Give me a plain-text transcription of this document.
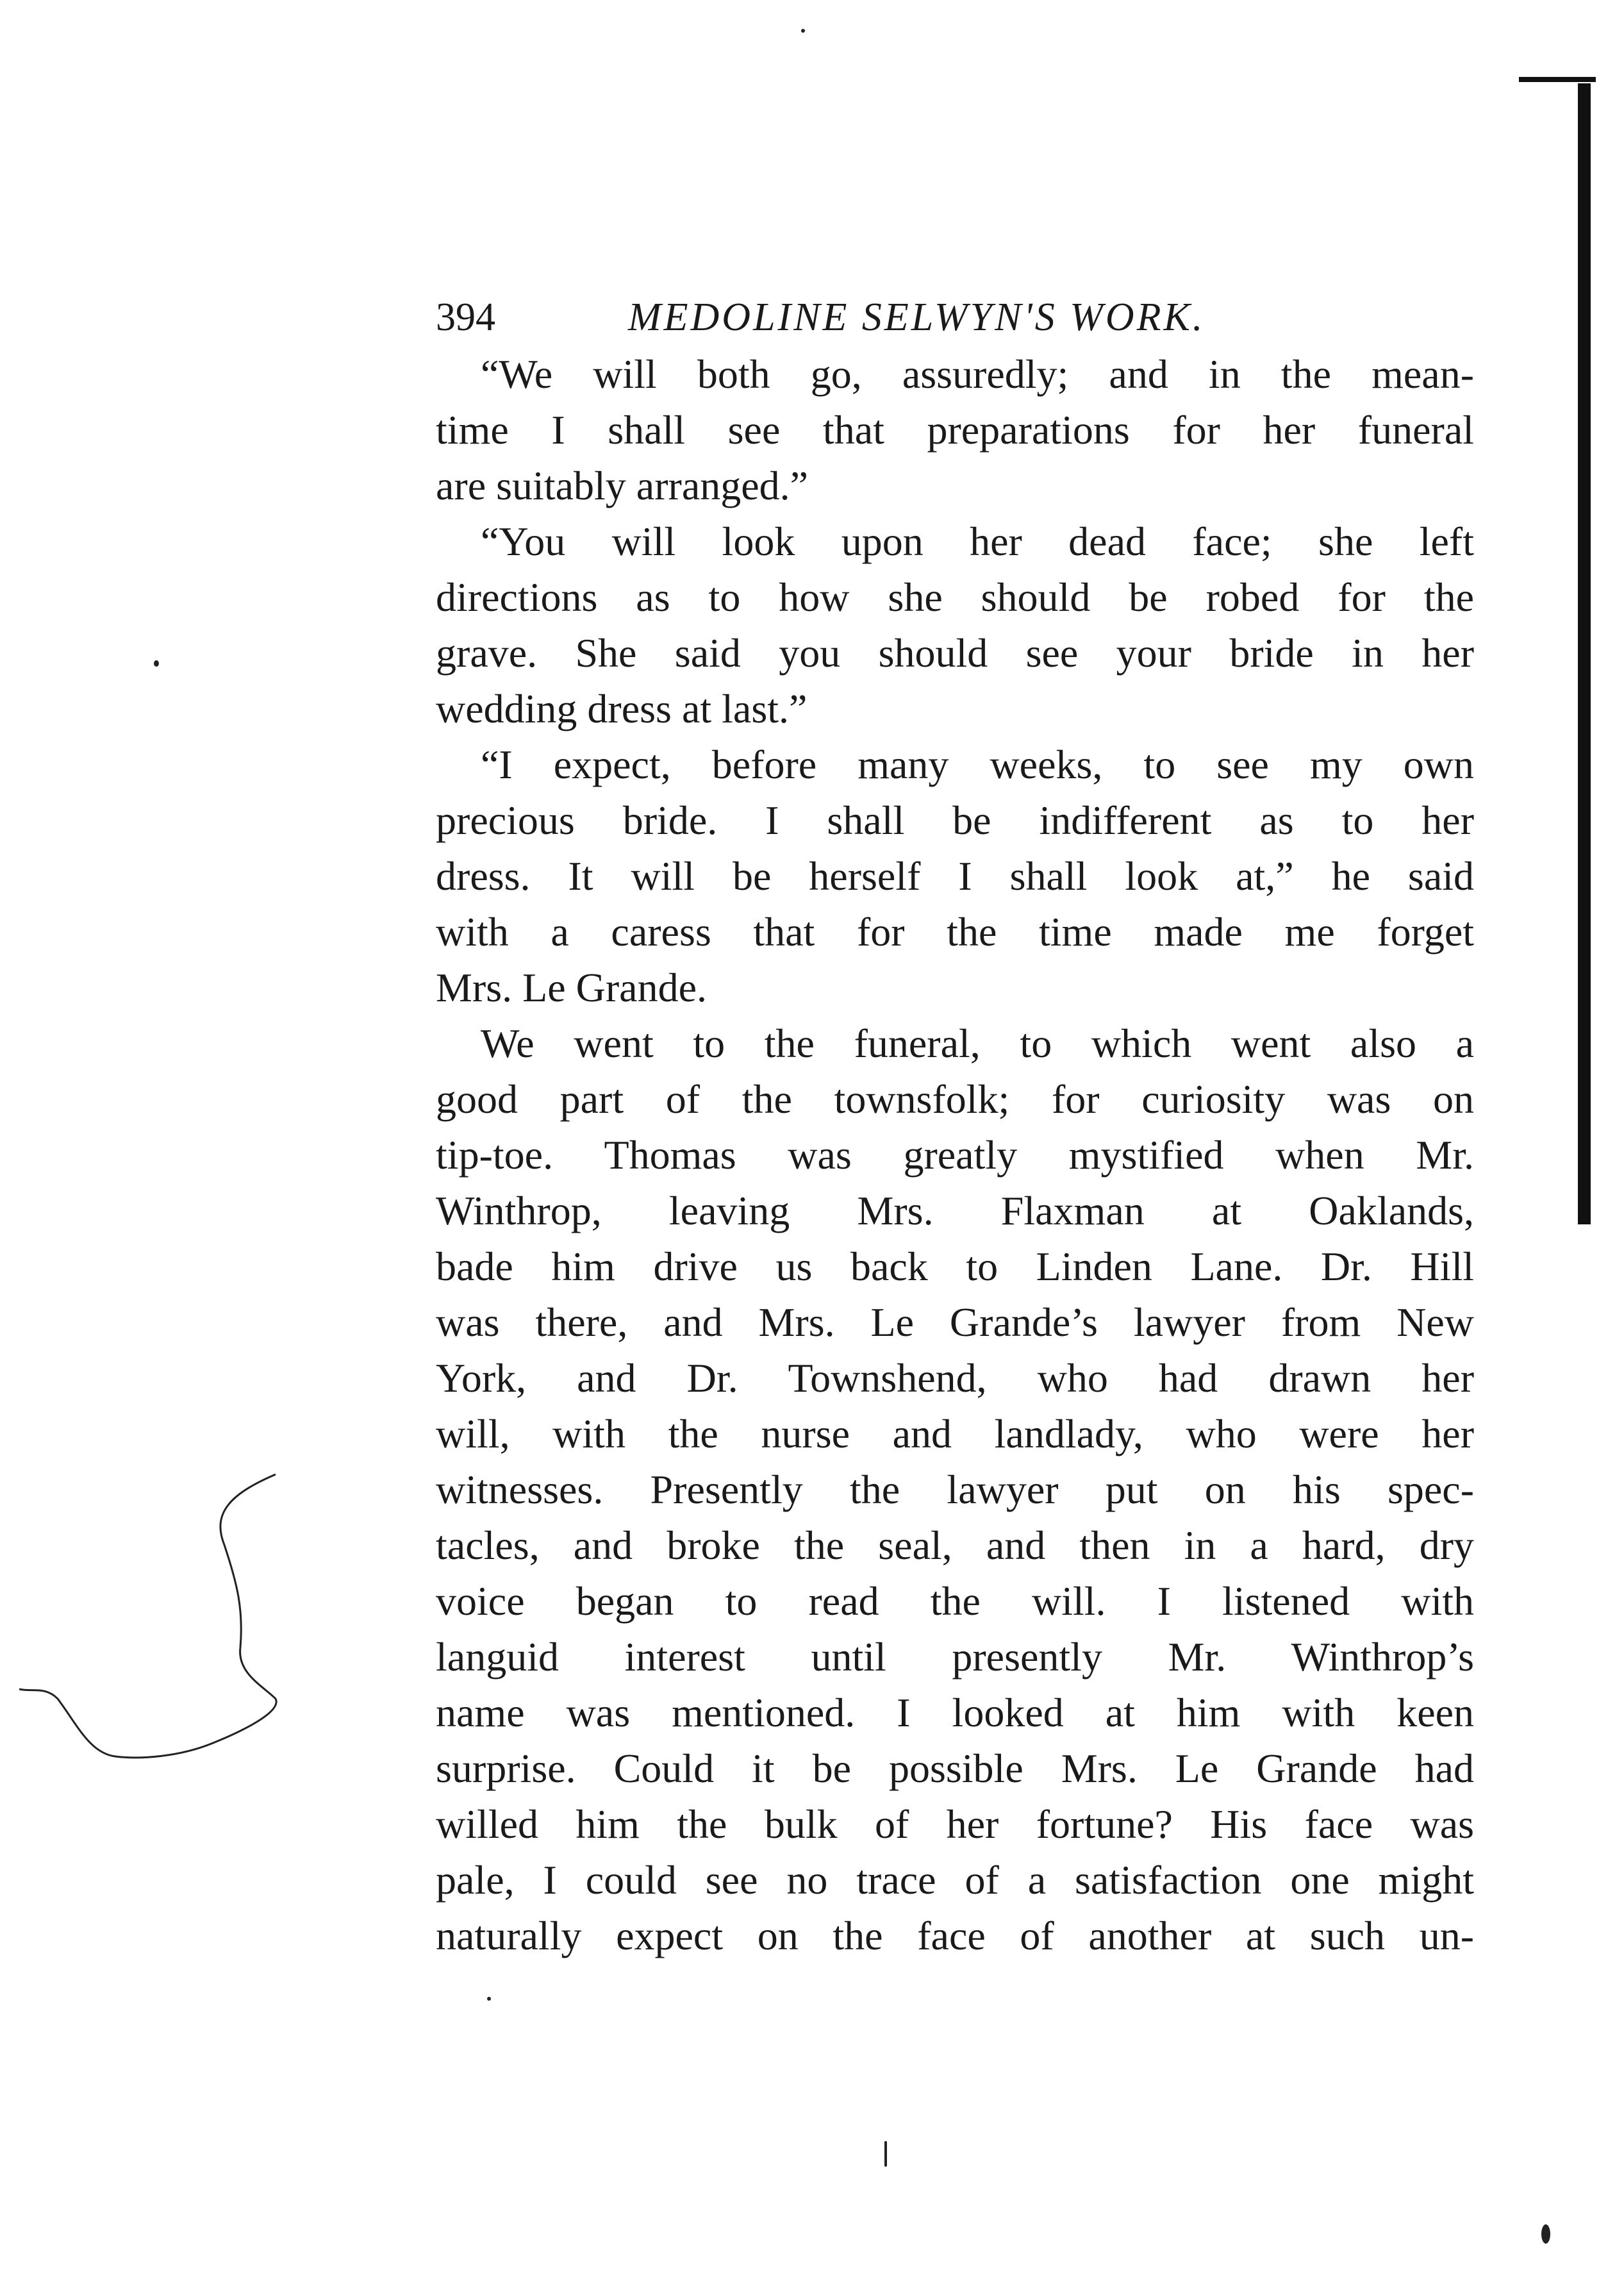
394	MEDOLINE SELWYN'S WORK.
“We will both go, assuredly; and in the mean-
time I shall see that preparations for her funeral
are suitably arranged.”
“You will look upon her dead face; she left
directions as to how she should be robed for the
grave. She said you should see your bride in her
wedding dress at last.”
“I expect, before many weeks, to see my own
precious bride. I shall be indifferent as to her
dress. It will be herself I shall look at,” he said
with a caress that for the time made me forget
Mrs. Le Grande.
We went to the funeral, to which went also a
good part of the townsfolk; for curiosity was on
tip-toe. Thomas was greatly mystified when Mr.
Winthrop, leaving Mrs. Flaxman at Oaklands,
bade him drive us back to Linden Lane. Dr. Hill
was there, and Mrs. Le Grande’s lawyer from New
York, and Dr. Townshend, who had drawn her
will, with the nurse and landlady, who were her
witnesses. Presently the lawyer put on his spec-
tacles, and broke the seal, and then in a hard, dry
voice began to read the will. I listened with
languid interest until presently Mr. Winthrop’s
name was mentioned. I looked at him with keen
surprise. Could it be possible Mrs. Le Grande had
willed him the bulk of her fortune? His face was
pale, I could see no trace of a satisfaction one might
naturally expect on the face of another at such un-
